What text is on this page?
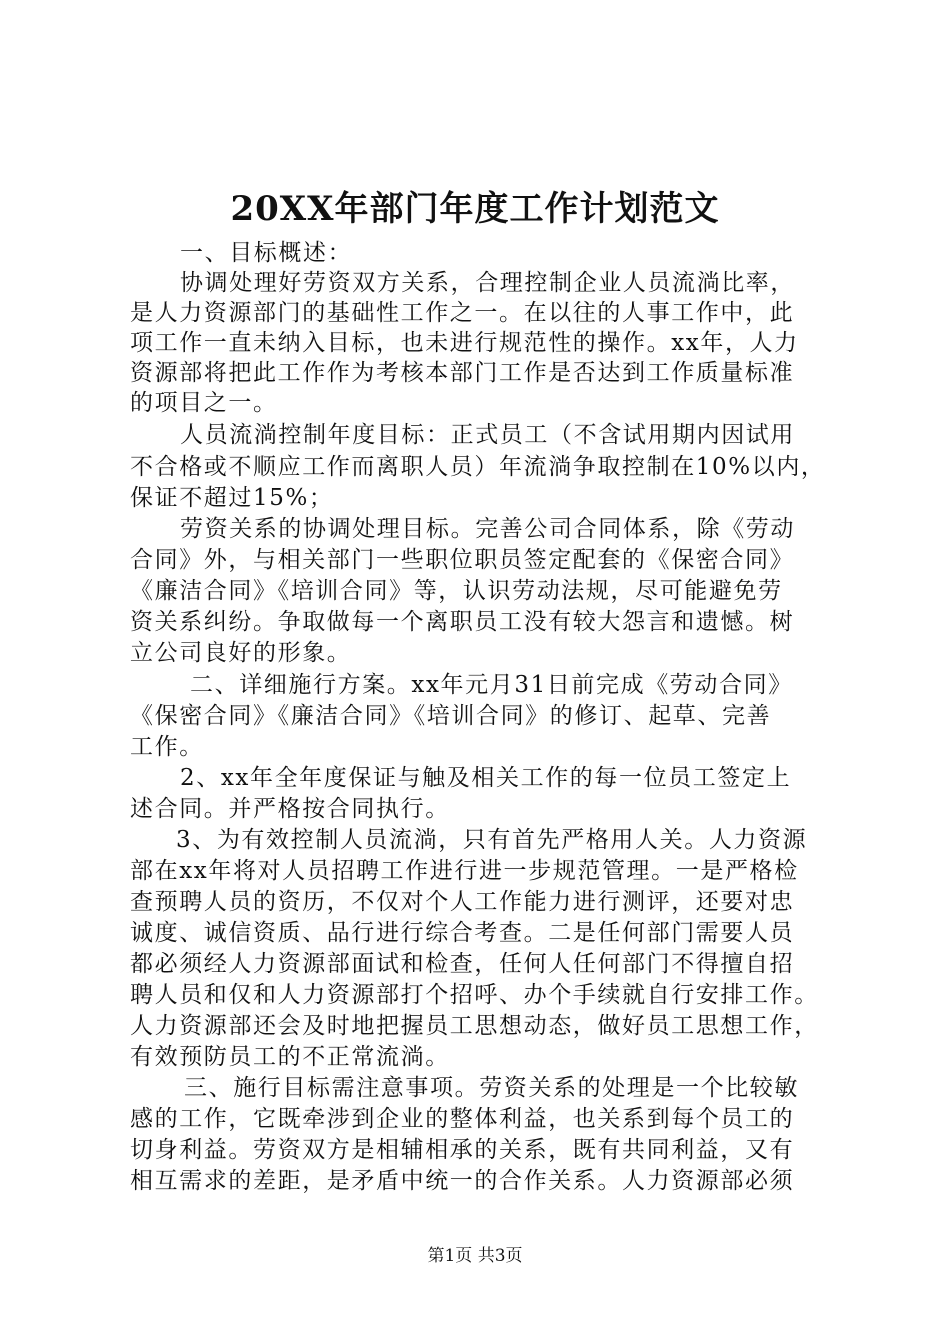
20XX年部门年度工作计划范文
一、目标概述：
协调处理好劳资双方关系，合理控制企业人员流淌比率，
是人力资源部门的基础性工作之一。在以往的人事工作中，此
项工作一直未纳入目标，也未进行规范性的操作。xx年，人力
资源部将把此工作作为考核本部门工作是否达到工作质量标准
的项目之一。
人员流淌控制年度目标：正式员工（不含试用期内因试用
不合格或不顺应工作而离职人员）年流淌争取控制在10%以内，
保证不超过15%；
劳资关系的协调处理目标。完善公司合同体系，除《劳动
合同》外，与相关部门一些职位职员签定配套的《保密合同》
《廉洁合同》《培训合同》等，认识劳动法规，尽可能避免劳
资关系纠纷。争取做每一个离职员工没有较大怨言和遗憾。树
立公司良好的形象。
二、详细施行方案。xx年元月31日前完成《劳动合同》
《保密合同》《廉洁合同》《培训合同》的修订、起草、完善
工作。
2、xx年全年度保证与触及相关工作的每一位员工签定上
述合同。并严格按合同执行。
3、为有效控制人员流淌，只有首先严格用人关。人力资源
部在xx年将对人员招聘工作进行进一步规范管理。一是严格检
查预聘人员的资历，不仅对个人工作能力进行测评，还要对忠
诚度、诚信资质、品行进行综合考查。二是任何部门需要人员
都必须经人力资源部面试和检查，任何人任何部门不得擅自招
聘人员和仅和人力资源部打个招呼、办个手续就自行安排工作。
人力资源部还会及时地把握员工思想动态，做好员工思想工作，
有效预防员工的不正常流淌。
三、施行目标需注意事项。劳资关系的处理是一个比较敏
感的工作，它既牵涉到企业的整体利益，也关系到每个员工的
切身利益。劳资双方是相辅相承的关系，既有共同利益，又有
相互需求的差距，是矛盾中统一的合作关系。人力资源部必须
第1页 共3页
